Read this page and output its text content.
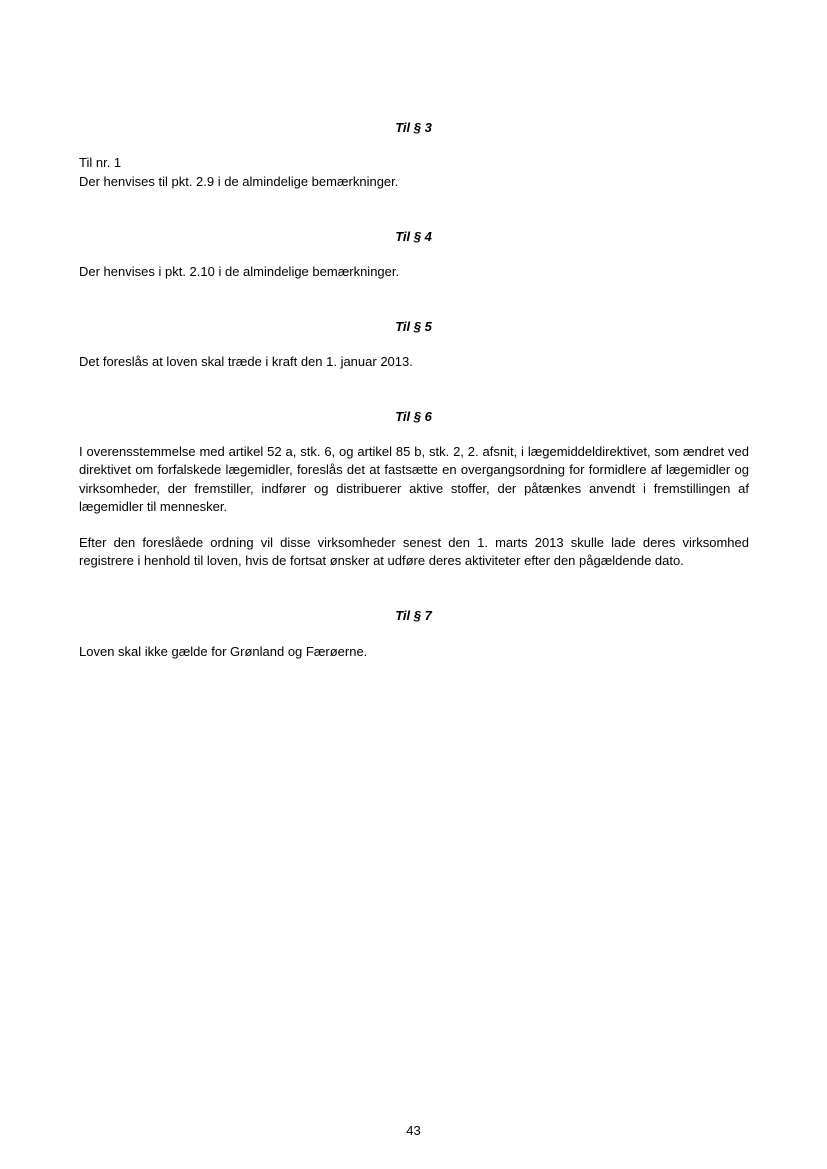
Til § 3
Til nr. 1
Der henvises til pkt. 2.9 i de almindelige bemærkninger.
Til § 4
Der henvises i pkt. 2.10 i de almindelige bemærkninger.
Til § 5
Det foreslås at loven skal træde i kraft den 1. januar 2013.
Til § 6

I overensstemmelse med artikel 52 a, stk. 6, og artikel 85 b, stk. 2, 2. afsnit, i lægemiddeldirektivet, som ændret ved direktivet om forfalskede lægemidler, foreslås det at fastsætte en overgangsordning for formidlere af lægemidler og virksomheder, der fremstiller, indfører og distribuerer aktive stoffer, der påtænkes anvendt i fremstillingen af lægemidler til mennesker.

Efter den foreslåede ordning vil disse virksomheder senest den 1. marts 2013 skulle lade deres virksomhed registrere i henhold til loven, hvis de fortsat ønsker at udføre deres aktiviteter efter den pågældende dato.

Til § 7
Loven skal ikke gælde for Grønland og Færøerne.
43
